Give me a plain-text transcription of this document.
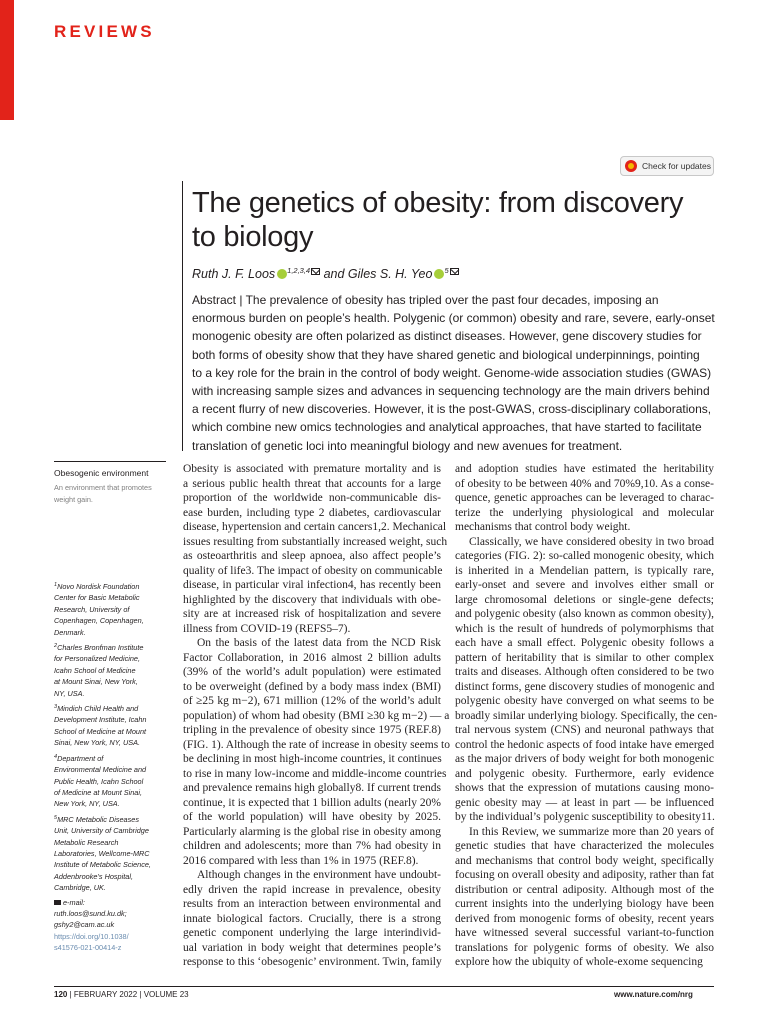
REVIEWS
Check for updates
The genetics of obesity: from discovery
to biology
Ruth J. F. Loos $^{1,2,3,4}$ and Giles S. H. Yeo $^5$
Abstract | The prevalence of obesity has tripled over the past four decades, imposing an
enormous burden on people’s health. Polygenic (or common) obesity and rare, severe, early-onset
monogenic obesity are often polarized as distinct diseases. However, gene discovery studies for
both forms of obesity show that they have shared genetic and biological underpinnings, pointing
to a key role for the brain in the control of body weight. Genome-wide association studies (GWAS)
with increasing sample sizes and advances in sequencing technology are the main drivers behind
a recent flurry of new discoveries. However, it is the post-GWAS, cross-disciplinary collaborations,
which combine new omics technologies and analytical approaches, that have started to facilitate
translation of genetic loci into meaningful biology and new avenues for treatment.
Obesogenic environment
An environment that promotes
weight gain.
$^1$Novo Nordisk Foundation
Center for Basic Metabolic
Research, University of
Copenhagen, Copenhagen,
Denmark.
$^2$Charles Bronfman Institute
for Personalized Medicine,
Icahn School of Medicine
at Mount Sinai, New York,
NY, USA.
$^3$Mindich Child Health and
Development Institute, Icahn
School of Medicine at Mount
Sinai, New York, NY, USA.
$^4$Department of
Environmental Medicine and
Public Health, Icahn School
of Medicine at Mount Sinai,
New York, NY, USA.
$^5$MRC Metabolic Diseases
Unit, University of Cambridge
Metabolic Research
Laboratories, Wellcome-MRC
Institute of Metabolic Science,
Addenbrooke’s Hospital,
Cambridge, UK.
e-mail:
ruth.loos@sund.ku.dk;
gshy2@cam.ac.uk
https://doi.org/10.1038/
s41576-021-00414-z
Obesity is associated with premature mortality and is
a serious public health threat that accounts for a large
proportion of the worldwide non-communicable dis-
ease burden, including type 2 diabetes, cardiovascular
disease, hypertension and certain cancers1,2. Mechanical
issues resulting from substantially increased weight, such
as osteoarthritis and sleep apnoea, also affect people’s
quality of life3. The impact of obesity on communicable
disease, in particular viral infection4, has recently been
highlighted by the discovery that individuals with obe-
sity are at increased risk of hospitalization and severe
illness from COVID-19 (REFS5–7).
On the basis of the latest data from the NCD Risk
Factor Collaboration, in 2016 almost 2 billion adults
(39% of the world’s adult population) were estimated
to be overweight (defined by a body mass index (BMI)
of ≥25 kg m−2), 671 million (12% of the world’s adult
population) of whom had obesity (BMI ≥30 kg m−2) — a
tripling in the prevalence of obesity since 1975 (REF.8)
(FIG. 1). Although the rate of increase in obesity seems to
be declining in most high-income countries, it continues
to rise in many low-income and middle-income countries
and prevalence remains high globally8. If current trends
continue, it is expected that 1 billion adults (nearly 20%
of the world population) will have obesity by 2025.
Particularly alarming is the global rise in obesity among
children and adolescents; more than 7% had obesity in
2016 compared with less than 1% in 1975 (REF.8).
Although changes in the environment have undoubt-
edly driven the rapid increase in prevalence, obesity
results from an interaction between environmental and
innate biological factors. Crucially, there is a strong
genetic component underlying the large interindivid-
ual variation in body weight that determines people’s
response to this ‘obesogenic’ environment. Twin, family
and adoption studies have estimated the heritability
of obesity to be between 40% and 70%9,10. As a conse-
quence, genetic approaches can be leveraged to charac-
terize the underlying physiological and molecular
mechanisms that control body weight.
Classically, we have considered obesity in two broad
categories (FIG. 2): so-called monogenic obesity, which
is inherited in a Mendelian pattern, is typically rare,
early-onset and severe and involves either small or
large chromosomal deletions or single-gene defects;
and polygenic obesity (also known as common obesity),
which is the result of hundreds of polymorphisms that
each have a small effect. Polygenic obesity follows a
pattern of heritability that is similar to other complex
traits and diseases. Although often considered to be two
distinct forms, gene discovery studies of monogenic and
polygenic obesity have converged on what seems to be
broadly similar underlying biology. Specifically, the cen-
tral nervous system (CNS) and neuronal pathways that
control the hedonic aspects of food intake have emerged
as the major drivers of body weight for both monogenic
and polygenic obesity. Furthermore, early evidence
shows that the expression of mutations causing mono-
genic obesity may — at least in part — be influenced
by the individual’s polygenic susceptibility to obesity11.
In this Review, we summarize more than 20 years of
genetic studies that have characterized the molecules
and mechanisms that control body weight, specifically
focusing on overall obesity and adiposity, rather than fat
distribution or central adiposity. Although most of the
current insights into the underlying biology have been
derived from monogenic forms of obesity, recent years
have witnessed several successful variant-to-function
translations for polygenic forms of obesity. We also
explore how the ubiquity of whole-exome sequencing
120 | FEBRUARY 2022 | VOLUME 23	www.nature.com/nrg
